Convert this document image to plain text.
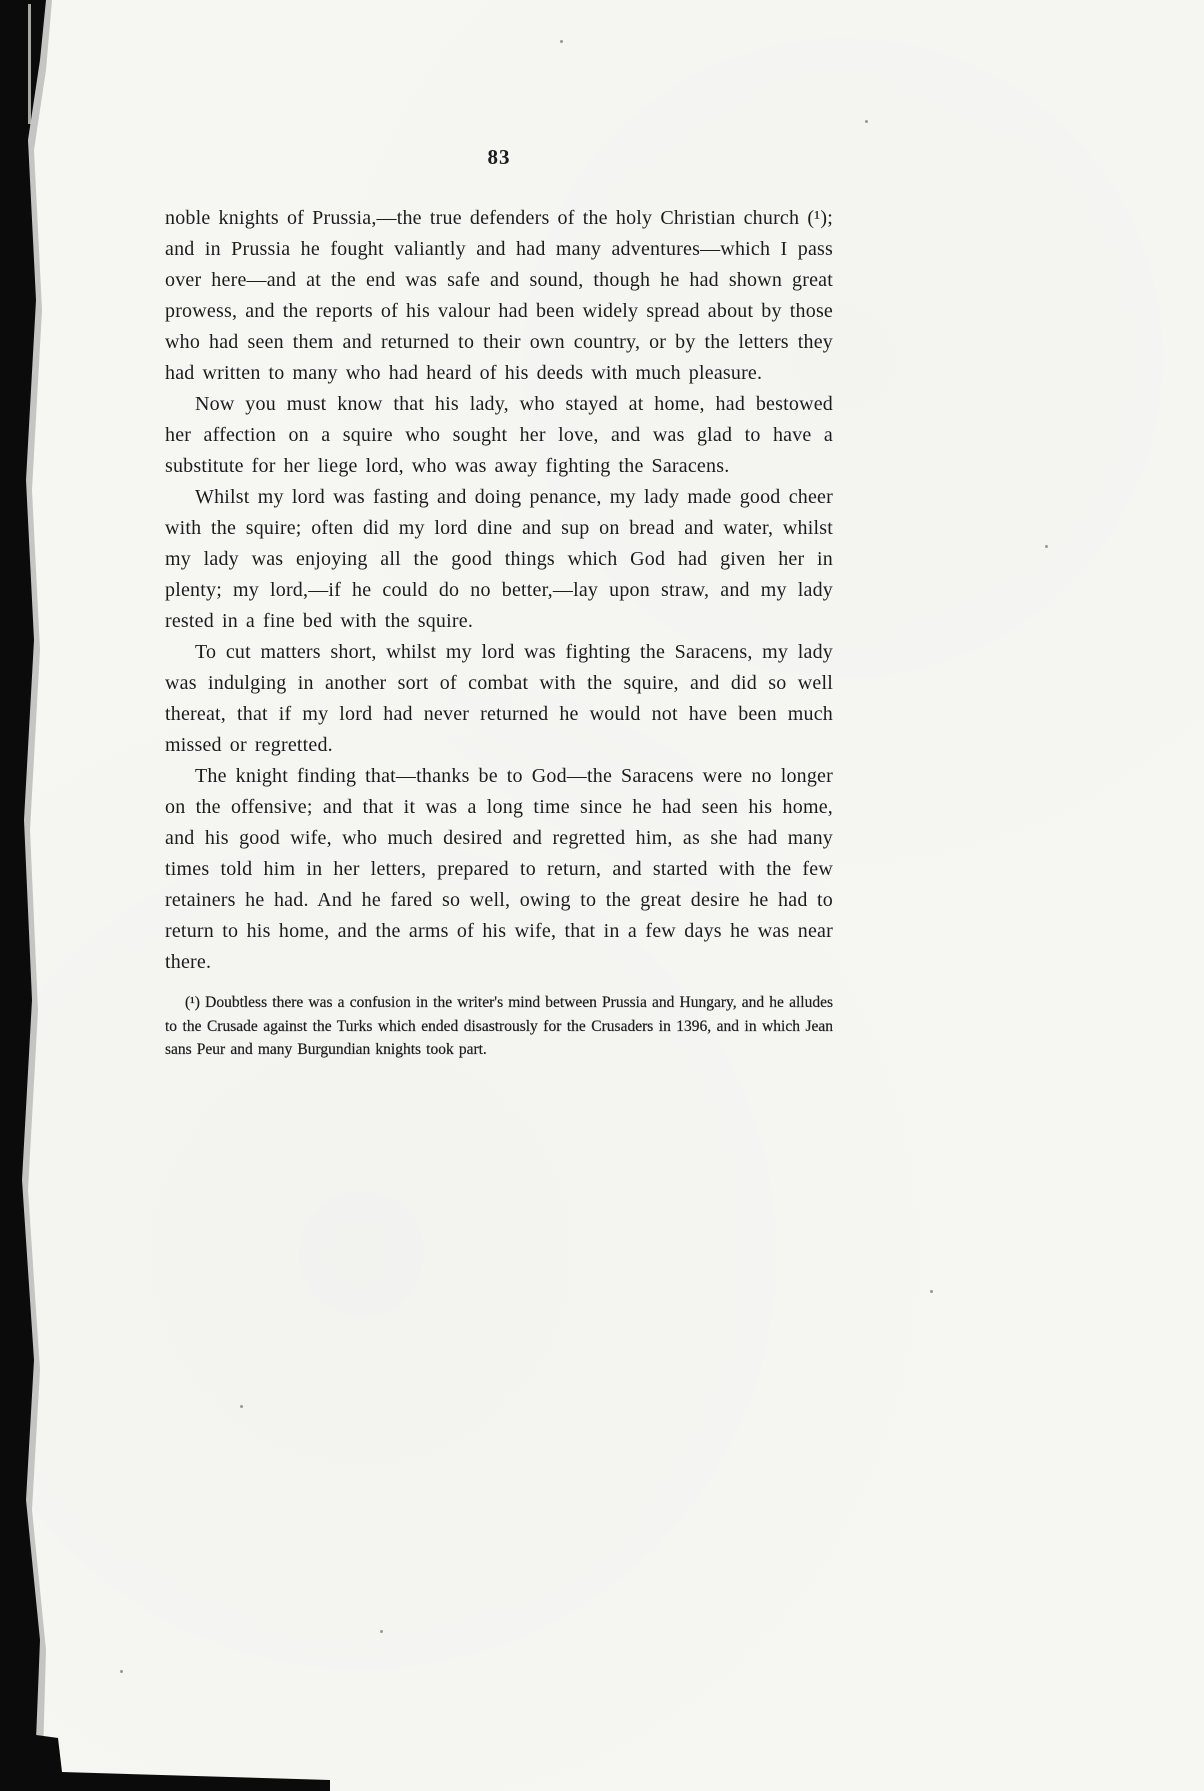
83

noble knights of Prussia,—the true defenders of the holy Christian church (¹); and in Prussia he fought valiantly and had many adventures—which I pass over here—and at the end was safe and sound, though he had shown great prowess, and the reports of his valour had been widely spread about by those who had seen them and returned to their own country, or by the letters they had written to many who had heard of his deeds with much pleasure.

Now you must know that his lady, who stayed at home, had bestowed her affection on a squire who sought her love, and was glad to have a substitute for her liege lord, who was away fighting the Saracens.

Whilst my lord was fasting and doing penance, my lady made good cheer with the squire; often did my lord dine and sup on bread and water, whilst my lady was enjoying all the good things which God had given her in plenty; my lord,—if he could do no better,—lay upon straw, and my lady rested in a fine bed with the squire.

To cut matters short, whilst my lord was fighting the Saracens, my lady was indulging in another sort of combat with the squire, and did so well thereat, that if my lord had never returned he would not have been much missed or regretted.

The knight finding that—thanks be to God—the Saracens were no longer on the offensive; and that it was a long time since he had seen his home, and his good wife, who much desired and regretted him, as she had many times told him in her letters, prepared to return, and started with the few retainers he had. And he fared so well, owing to the great desire he had to return to his home, and the arms of his wife, that in a few days he was near there.

(¹) Doubtless there was a confusion in the writer's mind between Prussia and Hungary, and he alludes to the Crusade against the Turks which ended disastrously for the Crusaders in 1396, and in which Jean sans Peur and many Burgundian knights took part.
